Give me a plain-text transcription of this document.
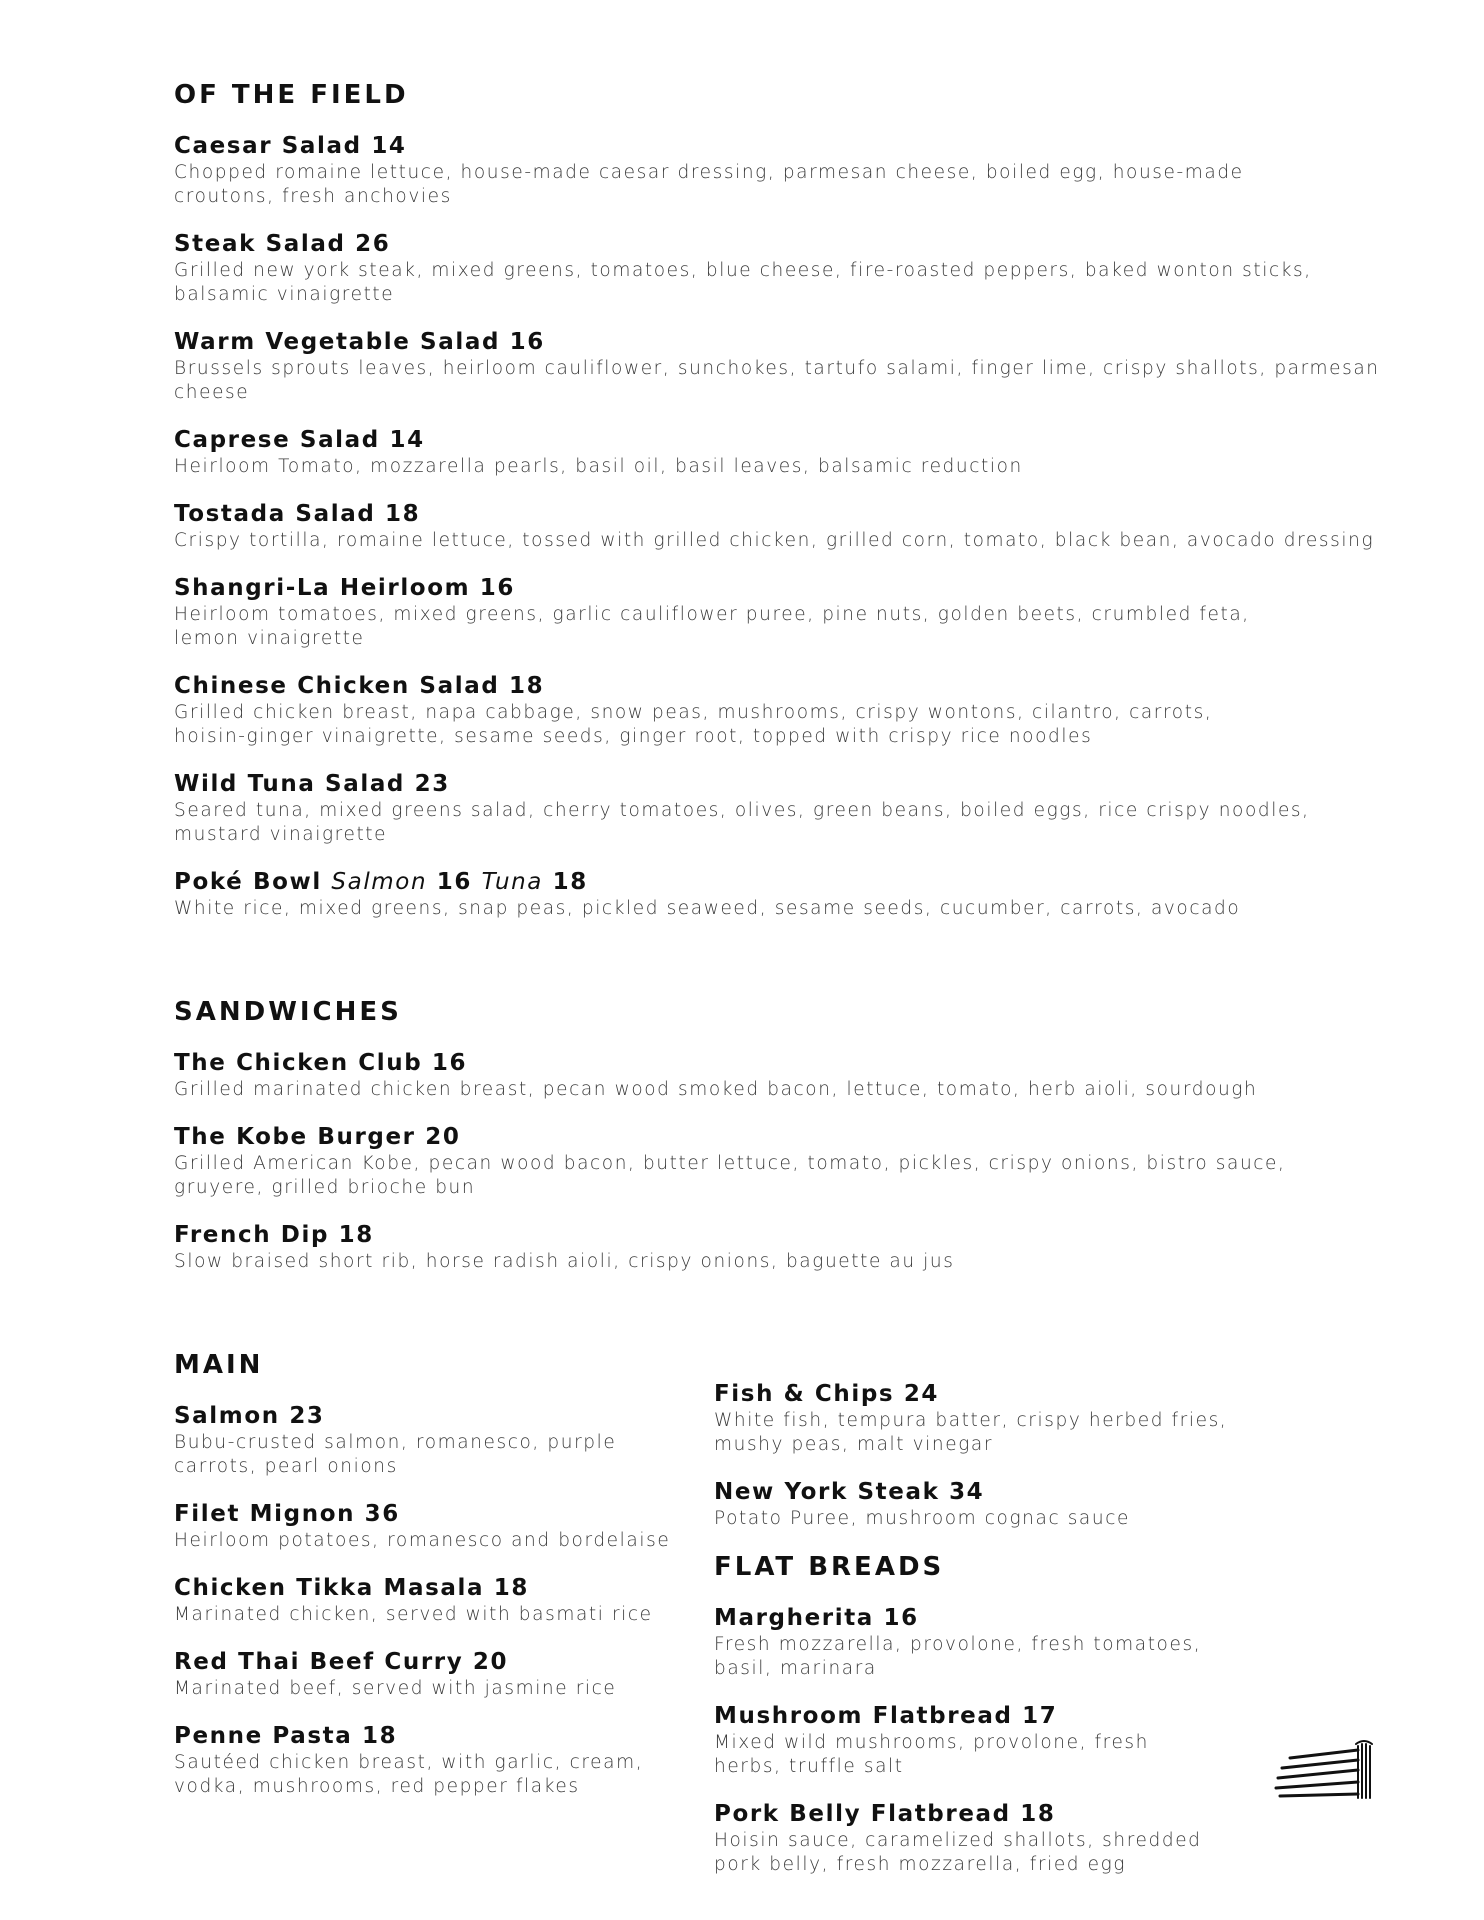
OF THE FIELD
Caesar Salad 14
Chopped romaine lettuce, house-made caesar dressing, parmesan cheese, boiled egg, house-made
croutons, fresh anchovies
Steak Salad 26
Grilled new york steak, mixed greens, tomatoes, blue cheese, fire-roasted peppers, baked wonton sticks,
balsamic vinaigrette
Warm Vegetable Salad 16
Brussels sprouts leaves, heirloom cauliflower, sunchokes, tartufo salami, finger lime, crispy shallots, parmesan cheese
Caprese Salad 14
Heirloom Tomato, mozzarella pearls, basil oil, basil leaves, balsamic reduction
Tostada Salad 18
Crispy tortilla, romaine lettuce, tossed with grilled chicken, grilled corn, tomato, black bean, avocado dressing
Shangri-La Heirloom 16
Heirloom tomatoes, mixed greens, garlic cauliflower puree, pine nuts, golden beets, crumbled feta,
lemon vinaigrette
Chinese Chicken Salad 18
Grilled chicken breast, napa cabbage, snow peas, mushrooms, crispy wontons, cilantro, carrots,
hoisin-ginger vinaigrette, sesame seeds, ginger root, topped with crispy rice noodles
Wild Tuna Salad 23
Seared tuna, mixed greens salad, cherry tomatoes, olives, green beans, boiled eggs, rice crispy noodles,
mustard vinaigrette
Poké Bowl Salmon 16 Tuna 18
White rice, mixed greens, snap peas, pickled seaweed, sesame seeds, cucumber, carrots, avocado
SANDWICHES
The Chicken Club 16
Grilled marinated chicken breast, pecan wood smoked bacon, lettuce, tomato, herb aioli, sourdough
The Kobe Burger 20
Grilled American Kobe, pecan wood bacon, butter lettuce, tomato, pickles, crispy onions, bistro sauce,
gruyere, grilled brioche bun
French Dip 18
Slow braised short rib, horse radish aioli, crispy onions, baguette au jus
MAIN
Salmon 23
Bubu-crusted salmon, romanesco, purple
carrots, pearl onions
Filet Mignon 36
Heirloom potatoes, romanesco and bordelaise
Chicken Tikka Masala 18
Marinated chicken, served with basmati rice
Red Thai Beef Curry 20
Marinated beef, served with jasmine rice
Penne Pasta 18
Sautéed chicken breast, with garlic, cream,
vodka, mushrooms, red pepper flakes
Fish & Chips 24
White fish, tempura batter, crispy herbed fries,
mushy peas, malt vinegar
New York Steak 34
Potato Puree, mushroom cognac sauce
FLAT BREADS
Margherita 16
Fresh mozzarella, provolone, fresh tomatoes,
basil, marinara
Mushroom Flatbread 17
Mixed wild mushrooms, provolone, fresh
herbs, truffle salt
Pork Belly Flatbread 18
Hoisin sauce, caramelized shallots, shredded
pork belly, fresh mozzarella, fried egg
